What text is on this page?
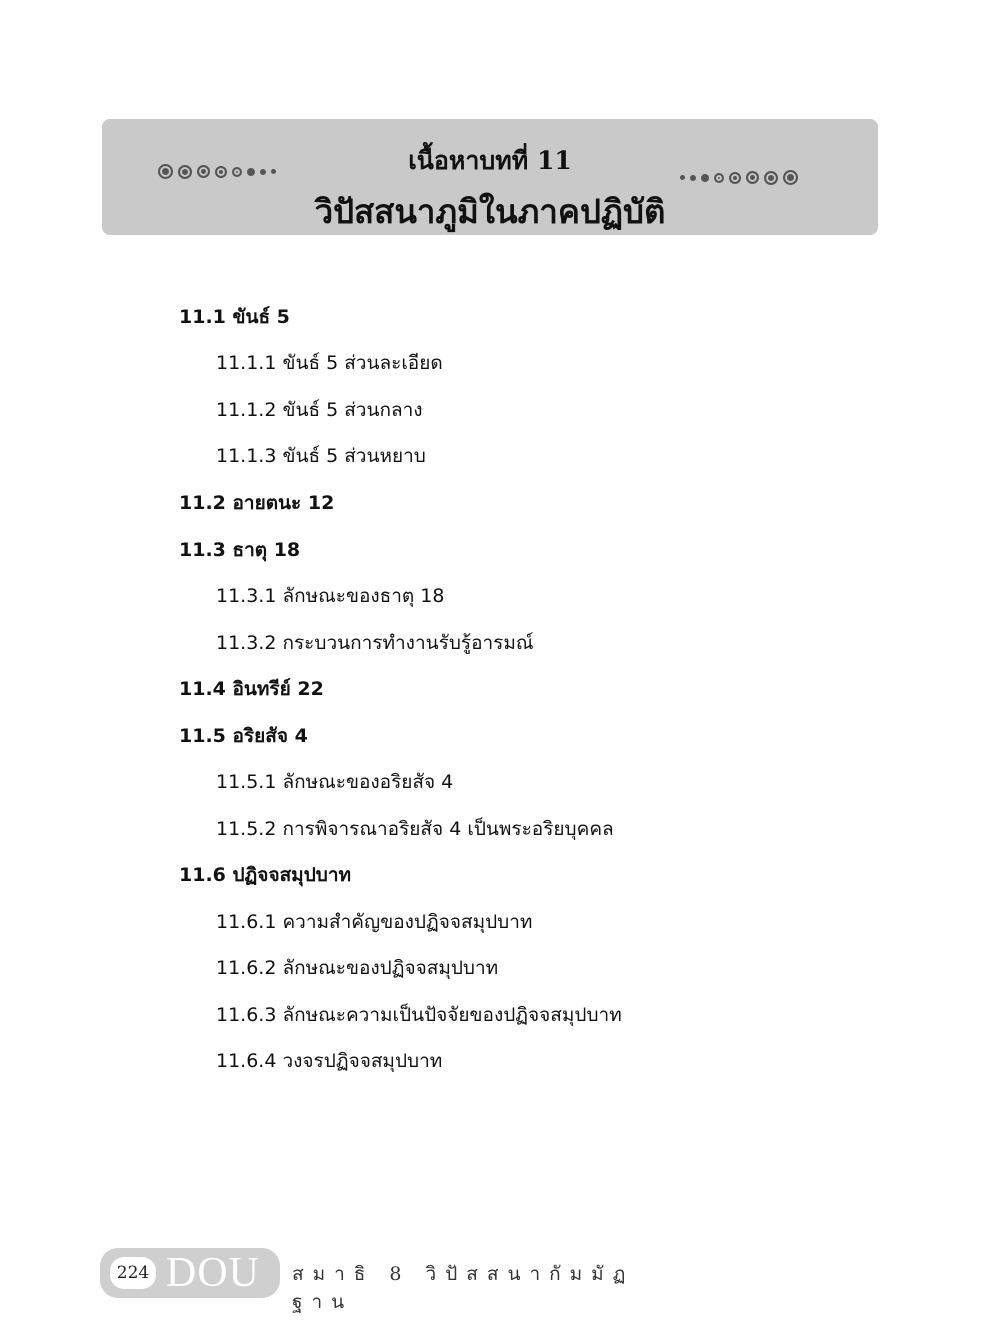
เนื้อหาบทที่ 11
วิปัสสนาภูมิในภาคปฏิบัติ
11.1 ขันธ์ 5
11.1.1 ขันธ์ 5 ส่วนละเอียด
11.1.2 ขันธ์ 5 ส่วนกลาง
11.1.3 ขันธ์ 5 ส่วนหยาบ
11.2 อายตนะ 12
11.3 ธาตุ 18
11.3.1 ลักษณะของธาตุ 18
11.3.2 กระบวนการทำงานรับรู้อารมณ์
11.4 อินทรีย์ 22
11.5 อริยสัจ 4
11.5.1 ลักษณะของอริยสัจ 4
11.5.2 การพิจารณาอริยสัจ 4 เป็นพระอริยบุคคล
11.6 ปฏิจจสมุปบาท
11.6.1 ความสำคัญของปฏิจจสมุปบาท
11.6.2 ลักษณะของปฏิจจสมุปบาท
11.6.3 ลักษณะความเป็นปัจจัยของปฏิจจสมุปบาท
11.6.4 วงจรปฏิจจสมุปบาท
224 DOU สมาธิ 8 วิปัสสนากัมมัฏฐาน
